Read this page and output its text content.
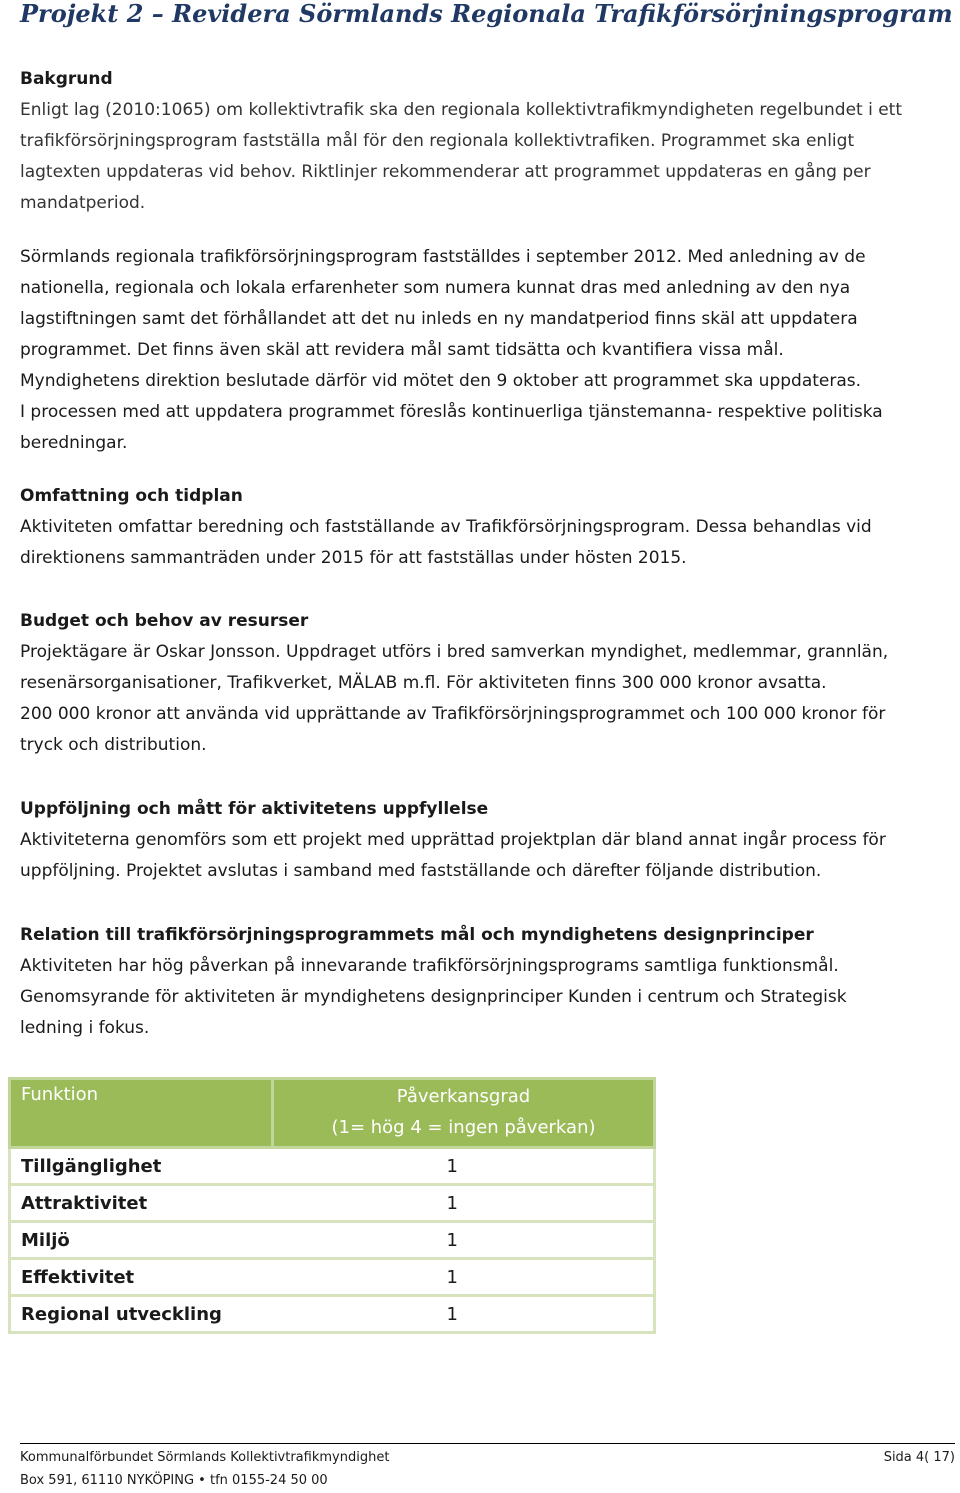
Projekt 2 – Revidera Sörmlands Regionala Trafikförsörjningsprogram
Bakgrund
Enligt lag (2010:1065) om kollektivtrafik ska den regionala kollektivtrafikmyndigheten regelbundet i ett
trafikförsörjningsprogram fastställa mål för den regionala kollektivtrafiken. Programmet ska enligt
lagtexten uppdateras vid behov. Riktlinjer rekommenderar att programmet uppdateras en gång per
mandatperiod.
Sörmlands regionala trafikförsörjningsprogram fastställdes i september 2012. Med anledning av de
nationella, regionala och lokala erfarenheter som numera kunnat dras med anledning av den nya
lagstiftningen samt det förhållandet att det nu inleds en ny mandatperiod finns skäl att uppdatera
programmet. Det finns även skäl att revidera mål samt tidsätta och kvantifiera vissa mål.
Myndighetens direktion beslutade därför vid mötet den 9 oktober att programmet ska uppdateras.
I processen med att uppdatera programmet föreslås kontinuerliga tjänstemanna- respektive politiska
beredningar.
Omfattning och tidplan
Aktiviteten omfattar beredning och fastställande av Trafikförsörjningsprogram. Dessa behandlas vid
direktionens sammanträden under 2015 för att fastställas under hösten 2015.
Budget och behov av resurser
Projektägare är Oskar Jonsson. Uppdraget utförs i bred samverkan myndighet, medlemmar, grannlän,
resenärsorganisationer, Trafikverket, MÄLAB m.fl. För aktiviteten finns 300 000 kronor avsatta.
200 000 kronor att använda vid upprättande av Trafikförsörjningsprogrammet och 100 000 kronor för
tryck och distribution.
Uppföljning och mått för aktivitetens uppfyllelse
Aktiviteterna genomförs som ett projekt med upprättad projektplan där bland annat ingår process för
uppföljning. Projektet avslutas i samband med fastställande och därefter följande distribution.
Relation till trafikförsörjningsprogrammets mål och myndighetens designprinciper
Aktiviteten har hög påverkan på innevarande trafikförsörjningsprograms samtliga funktionsmål.
Genomsyrande för aktiviteten är myndighetens designprinciper Kunden i centrum och Strategisk
ledning i fokus.
Funktion	Påverkansgrad
(1= hög 4 = ingen påverkan)

Tillgänglighet	1
Attraktivitet	1
Miljö	1
Effektivitet	1
Regional utveckling	1
Kommunalförbundet Sörmlands Kollektivtrafikmyndighet	Sida 4( 17)
Box 591, 61110 NYKÖPING • tfn 0155-24 50 00
